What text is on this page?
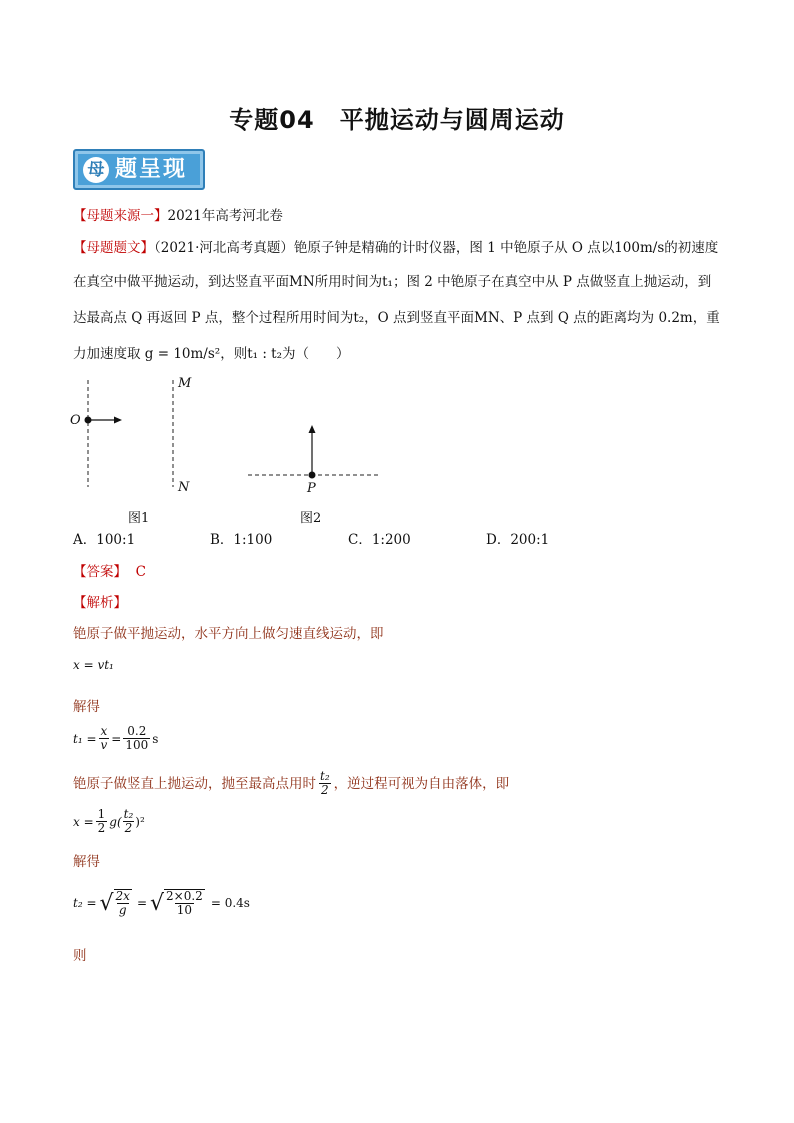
专题04　平抛运动与圆周运动
母 题呈现
【母题来源一】2021年高考河北卷
【母题题文】（2021·河北高考真题）铯原子钟是精确的计时仪器，图 1 中铯原子从 O 点以100m/s的初速度
在真空中做平抛运动，到达竖直平面MN所用时间为t₁；图 2 中铯原子在真空中从 P 点做竖直上抛运动，到
达最高点 Q 再返回 P 点，整个过程所用时间为t₂，O 点到竖直平面MN、P 点到 Q 点的距离均为 0.2m，重
力加速度取 g = 10m/s²，则t₁ : t₂为（　　）
O
M
N	P
图1	图2
A．100:1	B．1:100	C．1:200	D．200:1
【答案】 C
【解析】
铯原子做平抛运动，水平方向上做匀速直线运动，即
x = vt₁
解得
$t_1 = \frac{x}{v} = \frac{0.2}{100}$ s
铯原子做竖直上抛运动，抛至最高点用时 $\frac{\text{t₂}}{2}$ ，逆过程可视为自由落体，即
$x = \frac{1}{2} g( \frac{\text{t₂}}{2} )^2$
解得
t₂ = √ $\frac{2x}{g}$ = √ $\frac{2\times 0.2}{10} = 0.4s$
则
